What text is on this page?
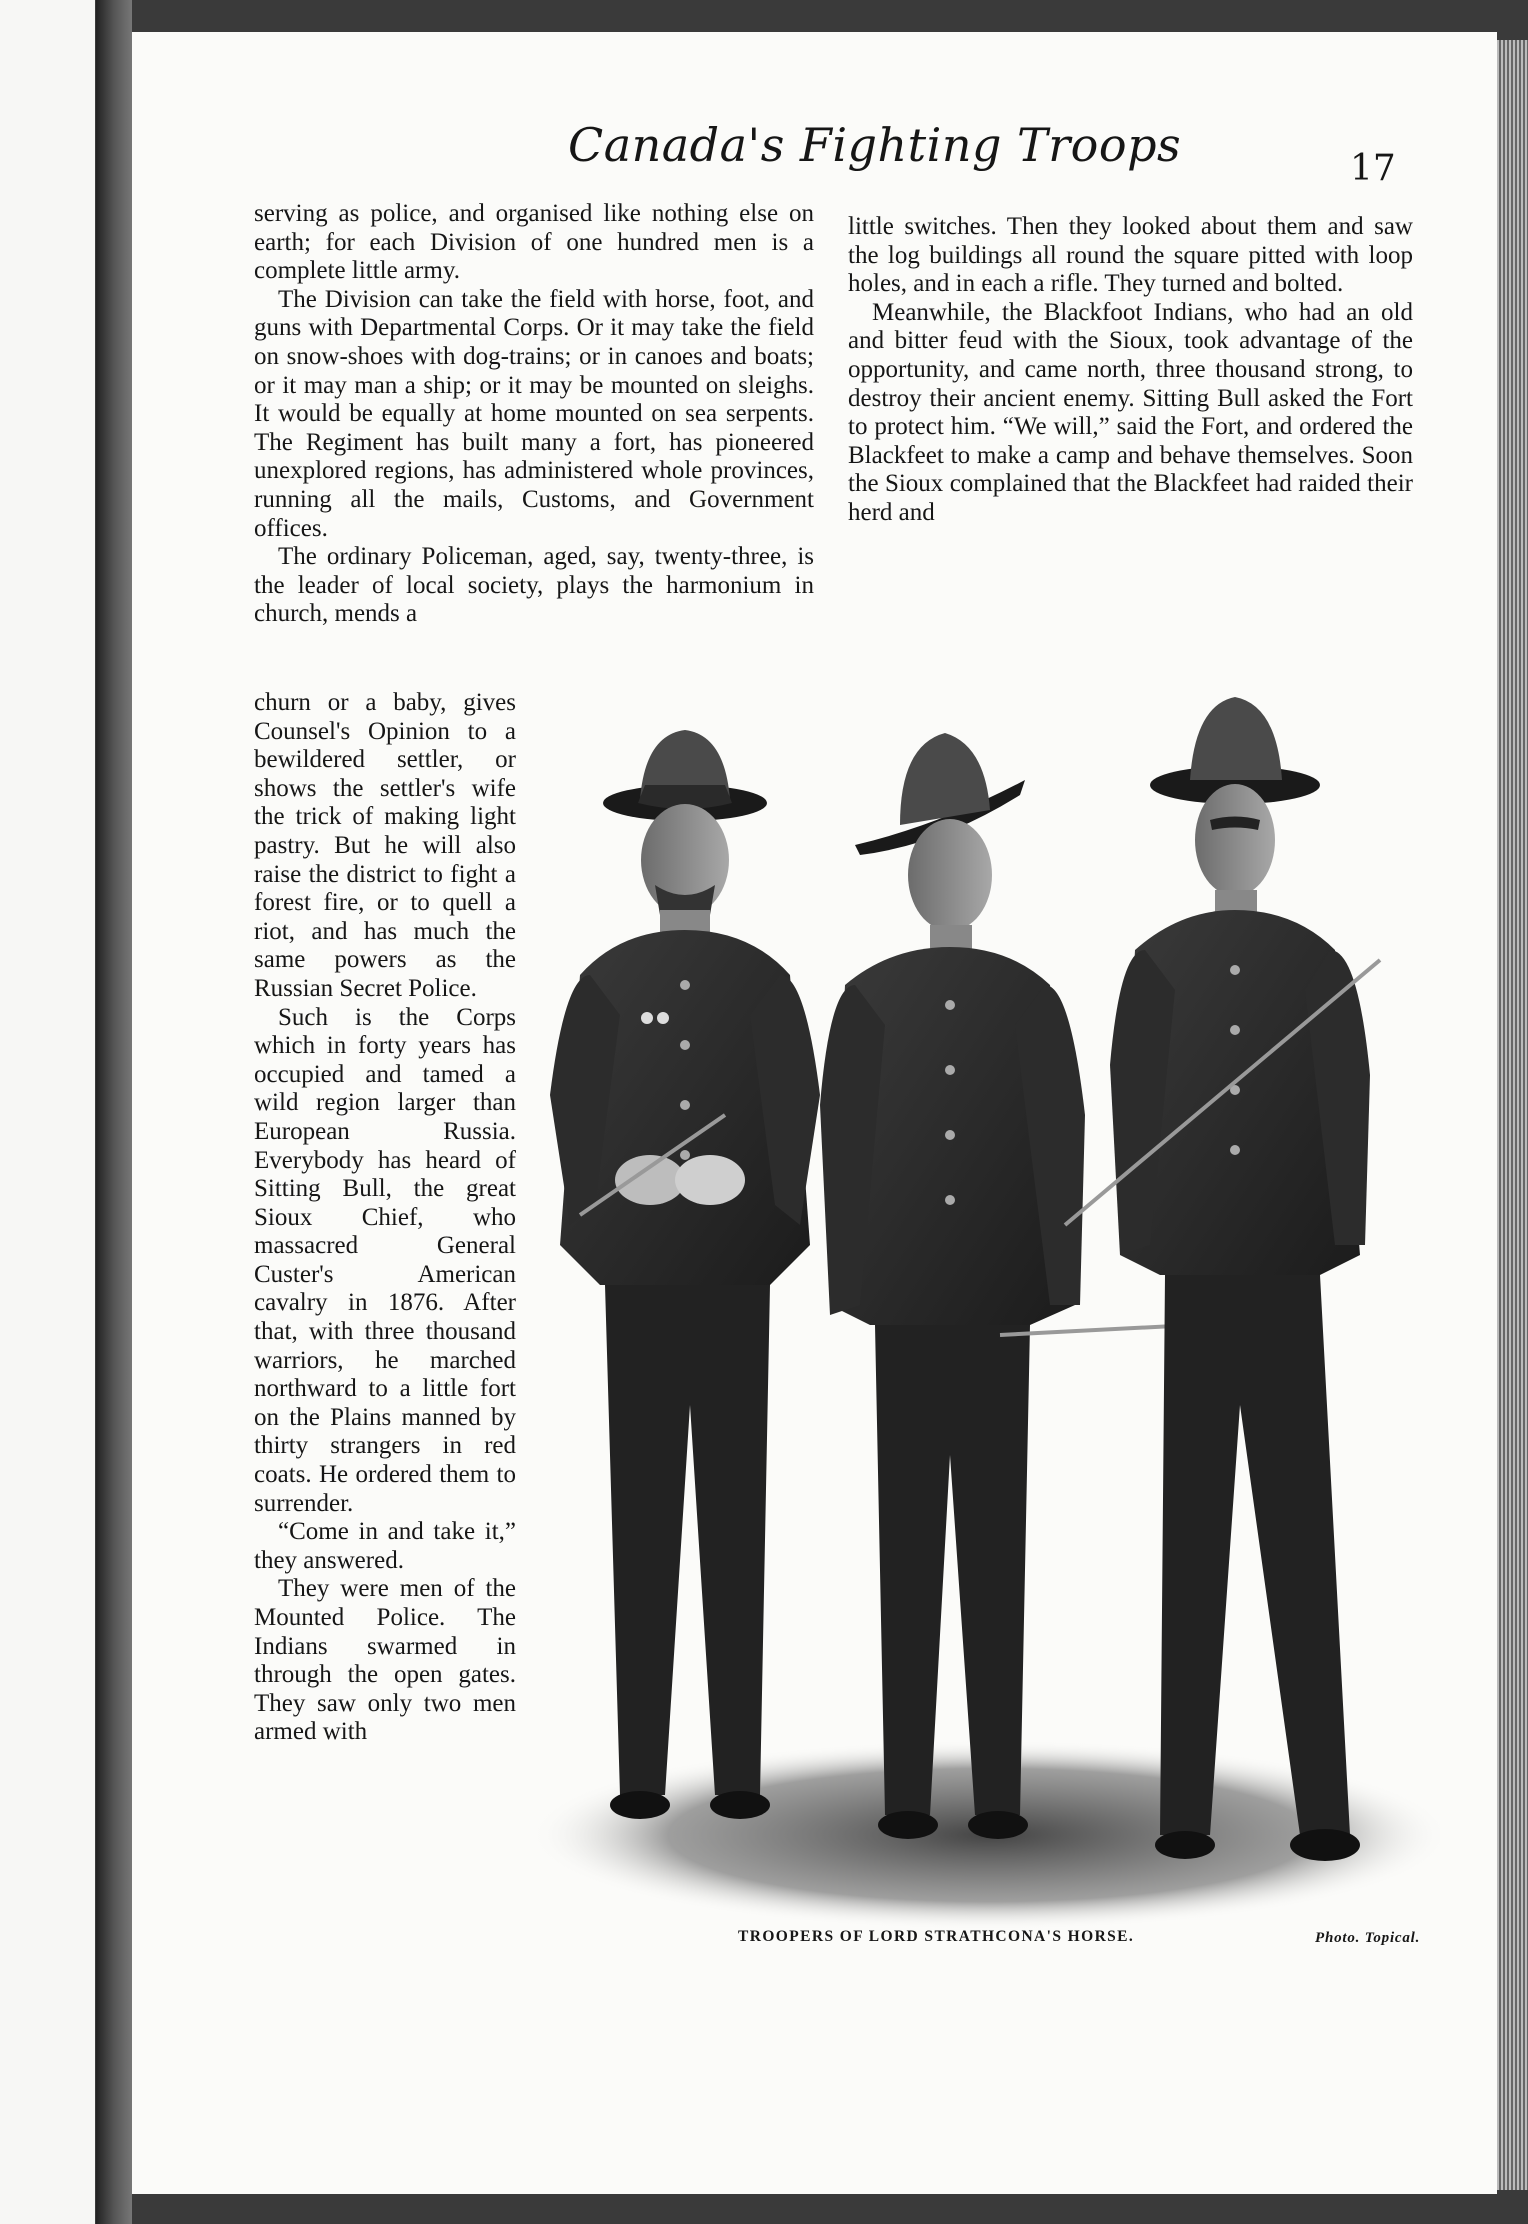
Canada's Fighting Troops	17

serving as police, and organised like nothing else on earth; for each Division of one hundred men is a complete little army.

The Division can take the field with horse, foot, and guns with Departmental Corps. Or it may take the field on snow-shoes with dog-trains; or in canoes and boats; or it may man a ship; or it may be mounted on sleighs. It would be equally at home mounted on sea serpents. The Regiment has built many a fort, has pioneered unexplored regions, has administered whole provinces, running all the mails, Customs, and Government offices.

The ordinary Policeman, aged, say, twenty-three, is the leader of local society, plays the harmonium in church, mends a

churn or a baby, gives Counsel's Opinion to a bewildered settler, or shows the settler's wife the trick of making light pastry. But he will also raise the district to fight a forest fire, or to quell a riot, and has much the same powers as the Russian Secret Police.

Such is the Corps which in forty years has occupied and tamed a wild region larger than European Russia. Everybody has heard of Sitting Bull, the great Sioux Chief, who massacred General Custer's American cavalry in 1876. After that, with three thousand warriors, he marched northward to a little fort on the Plains manned by thirty strangers in red coats. He ordered them to surrender.

“Come in and take it,” they answered.

They were men of the Mounted Police. The Indians swarmed in through the open gates. They saw only two men armed with

little switches. Then they looked about them and saw the log buildings all round the square pitted with loop holes, and in each a rifle. They turned and bolted.

Meanwhile, the Blackfoot Indians, who had an old and bitter feud with the Sioux, took advantage of the opportunity, and came north, three thousand strong, to destroy their ancient enemy. Sitting Bull asked the Fort to protect him. “We will,” said the Fort, and ordered the Blackfeet to make a camp and behave themselves. Soon the Sioux complained that the Blackfeet had raided their herd and

TROOPERS OF LORD STRATHCONA'S HORSE.	Photo. Topical.
